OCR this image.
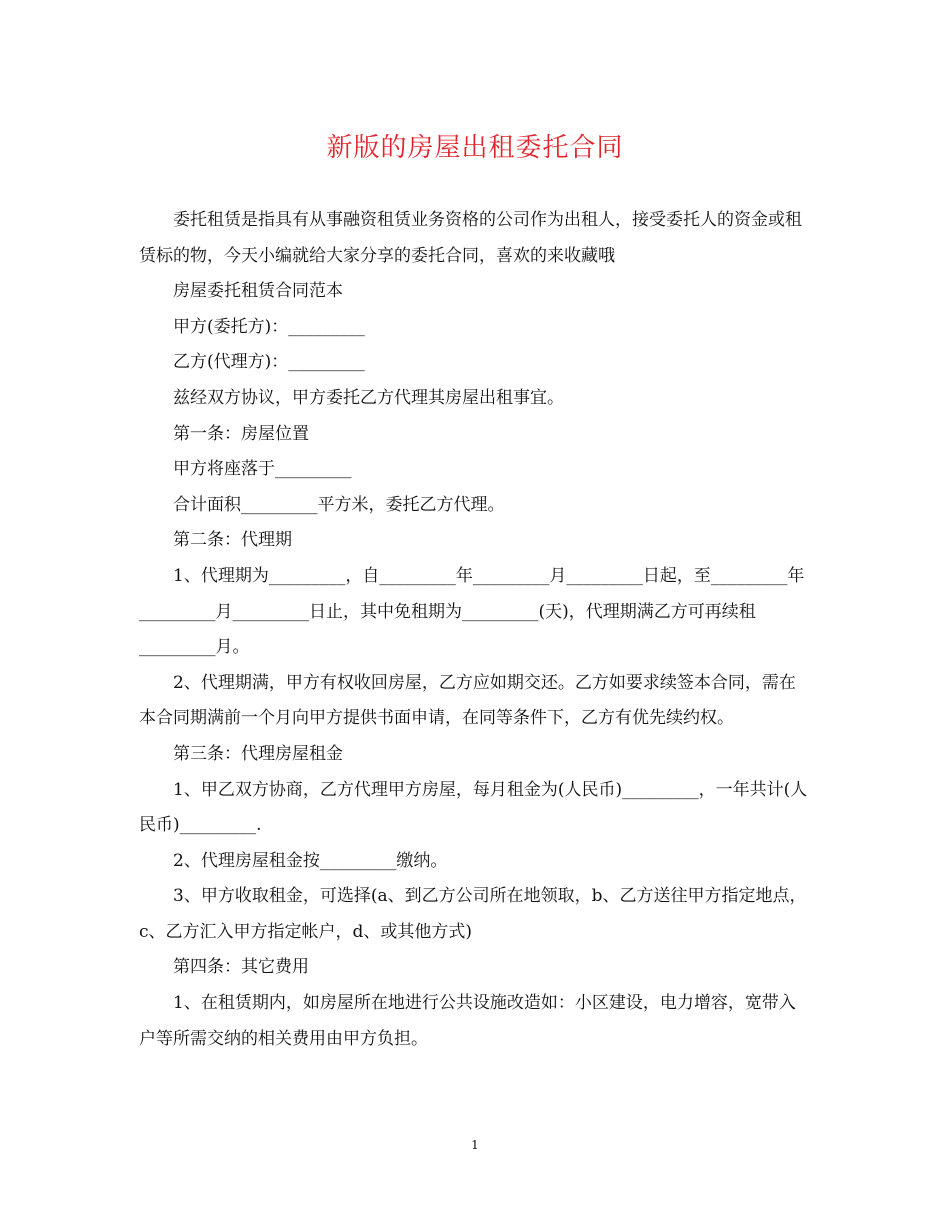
新版的房屋出租委托合同

委托租赁是指具有从事融资租赁业务资格的公司作为出租人，接受委托人的资金或租赁标的物，今天小编就给大家分享的委托合同，喜欢的来收藏哦

房屋委托租赁合同范本

甲方(委托方)：_________

乙方(代理方)：_________

兹经双方协议，甲方委托乙方代理其房屋出租事宜。

第一条：房屋位置

甲方将座落于_________

合计面积_________平方米，委托乙方代理。

第二条：代理期

1、代理期为_________，自_________年_________月_________日起，至_________年_________月_________日止，其中免租期为_________(天)，代理期满乙方可再续租_________月。

2、代理期满，甲方有权收回房屋，乙方应如期交还。乙方如要求续签本合同，需在本合同期满前一个月向甲方提供书面申请，在同等条件下，乙方有优先续约权。

第三条：代理房屋租金

1、甲乙双方协商，乙方代理甲方房屋，每月租金为(人民币)_________，一年共计(人民币)_________.

2、代理房屋租金按_________缴纳。

3、甲方收取租金，可选择(a、到乙方公司所在地领取，b、乙方送往甲方指定地点，c、乙方汇入甲方指定帐户，d、或其他方式)

第四条：其它费用

1、在租赁期内，如房屋所在地进行公共设施改造如：小区建设，电力增容，宽带入户等所需交纳的相关费用由甲方负担。

1
